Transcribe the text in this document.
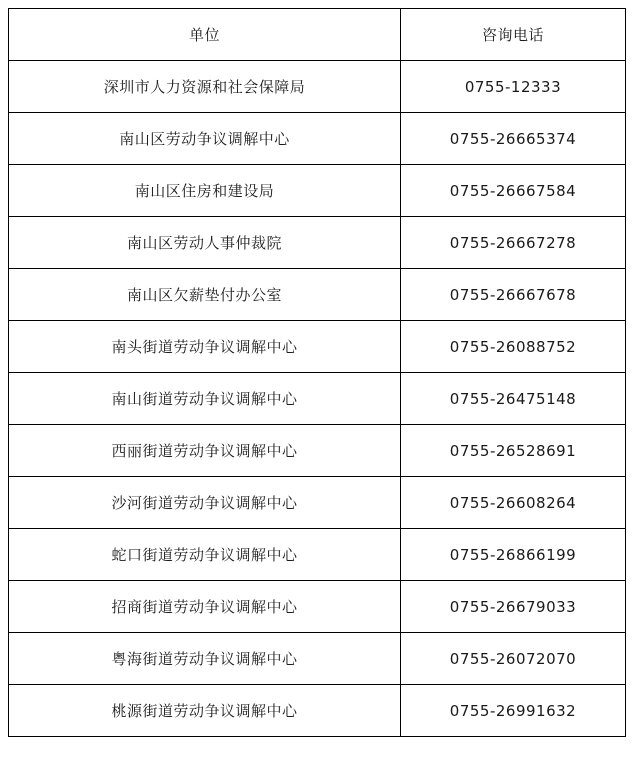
单位	咨询电话
深圳市人力资源和社会保障局	0755-12333
南山区劳动争议调解中心	0755-26665374
南山区住房和建设局	0755-26667584
南山区劳动人事仲裁院	0755-26667278
南山区欠薪垫付办公室	0755-26667678
南头街道劳动争议调解中心	0755-26088752
南山街道劳动争议调解中心	0755-26475148
西丽街道劳动争议调解中心	0755-26528691
沙河街道劳动争议调解中心	0755-26608264
蛇口街道劳动争议调解中心	0755-26866199
招商街道劳动争议调解中心	0755-26679033
粤海街道劳动争议调解中心	0755-26072070
桃源街道劳动争议调解中心	0755-26991632
